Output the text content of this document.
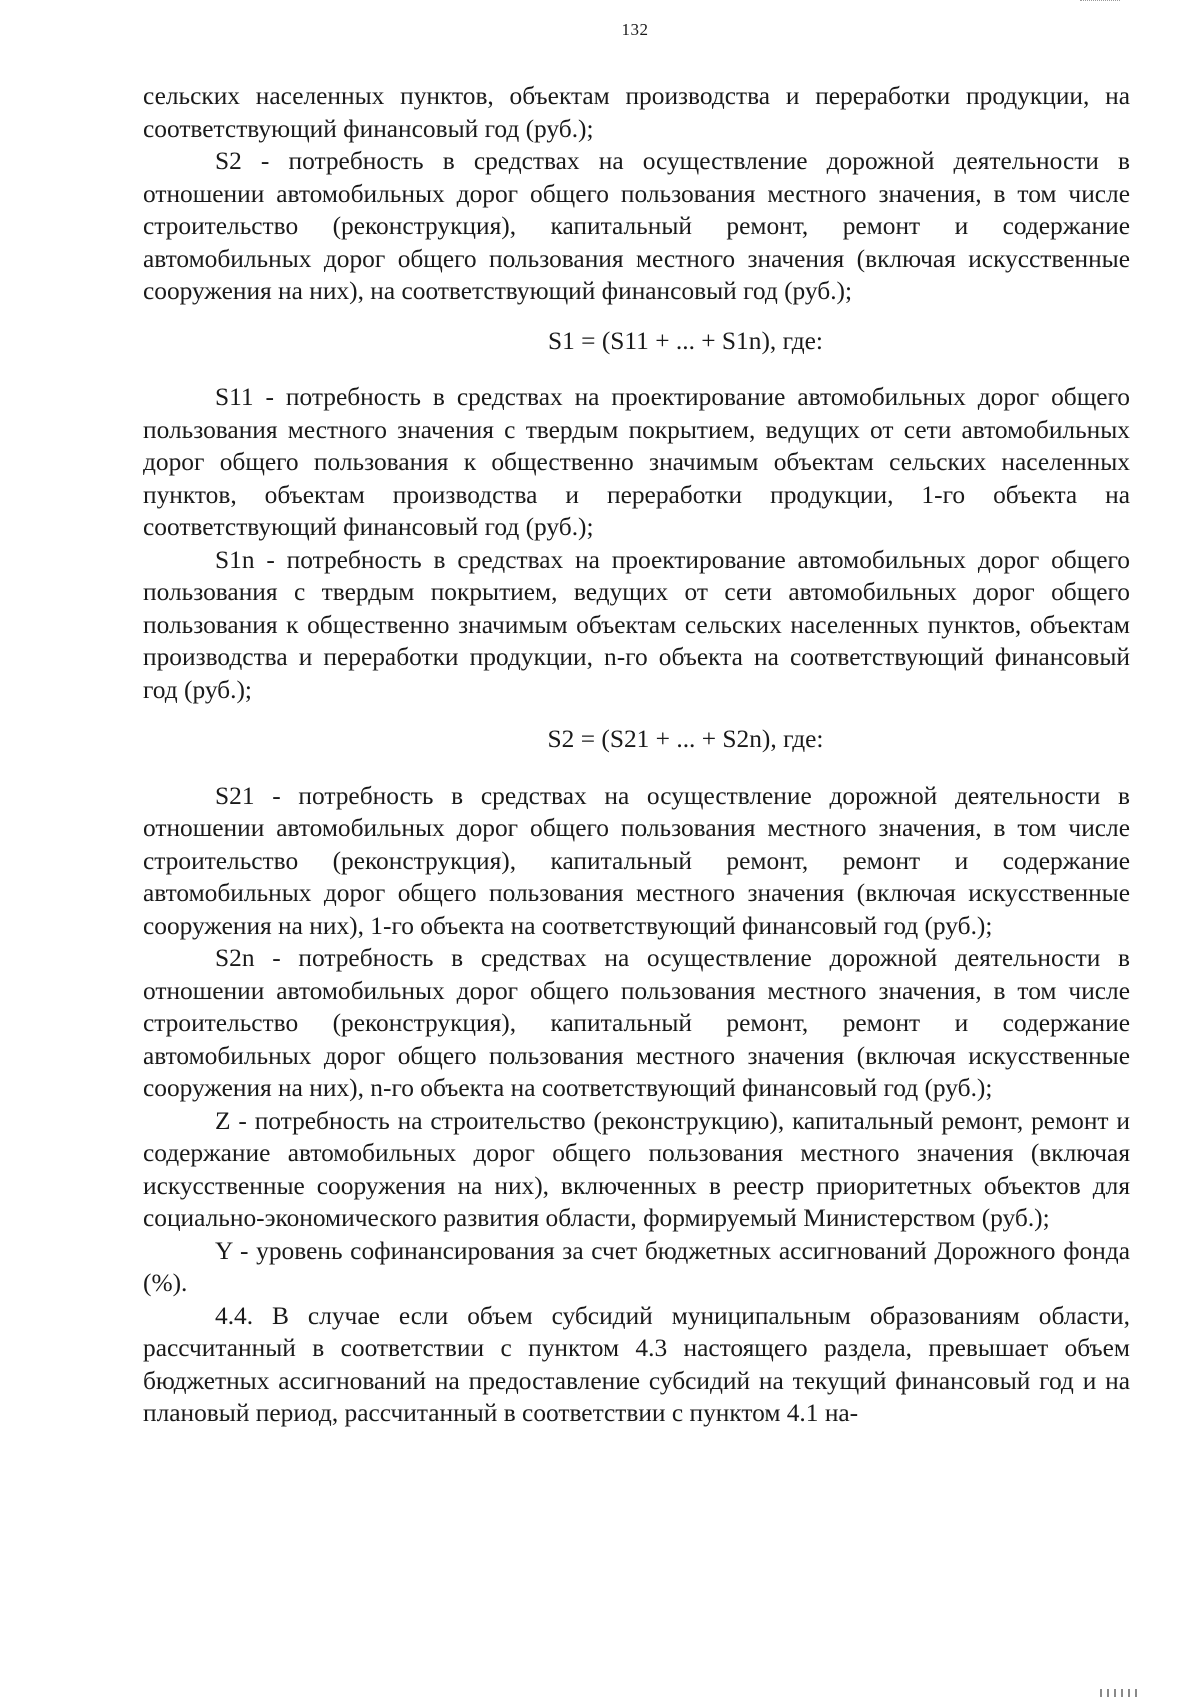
132

сельских населенных пунктов, объектам производства и переработки продукции, на соответствующий финансовый год (руб.);

S2 - потребность в средствах на осуществление дорожной деятельности в отношении автомобильных дорог общего пользования местного значения, в том числе строительство (реконструкция), капитальный ремонт, ремонт и содержание автомобильных дорог общего пользования местного значения (включая искусственные сооружения на них), на соответствующий финансовый год (руб.);

S1 = (S11 + ... + S1n), где:

S11 - потребность в средствах на проектирование автомобильных дорог общего пользования местного значения с твердым покрытием, ведущих от сети автомобильных дорог общего пользования к общественно значимым объектам сельских населенных пунктов, объектам производства и переработки продукции, 1-го объекта на соответствующий финансовый год (руб.);

S1n - потребность в средствах на проектирование автомобильных дорог общего пользования с твердым покрытием, ведущих от сети автомобильных дорог общего пользования к общественно значимым объектам сельских населенных пунктов, объектам производства и переработки продукции, n-го объекта на соответствующий финансовый год (руб.);

S2 = (S21 + ... + S2n), где:

S21 - потребность в средствах на осуществление дорожной деятельности в отношении автомобильных дорог общего пользования местного значения, в том числе строительство (реконструкция), капитальный ремонт, ремонт и содержание автомобильных дорог общего пользования местного значения (включая искусственные сооружения на них), 1-го объекта на соответствующий финансовый год (руб.);

S2n - потребность в средствах на осуществление дорожной деятельности в отношении автомобильных дорог общего пользования местного значения, в том числе строительство (реконструкция), капитальный ремонт, ремонт и содержание автомобильных дорог общего пользования местного значения (включая искусственные сооружения на них), n-го объекта на соответствующий финансовый год (руб.);

Z - потребность на строительство (реконструкцию), капитальный ремонт, ремонт и содержание автомобильных дорог общего пользования местного значения (включая искусственные сооружения на них), включенных в реестр приоритетных объектов для социально-экономического развития области, формируемый Министерством (руб.);

Y - уровень софинансирования за счет бюджетных ассигнований Дорожного фонда (%).

4.4. В случае если объем субсидий муниципальным образованиям области, рассчитанный в соответствии с пунктом 4.3 настоящего раздела, превышает объем бюджетных ассигнований на предоставление субсидий на текущий финансовый год и на плановый период, рассчитанный в соответствии с пунктом 4.1 на-
